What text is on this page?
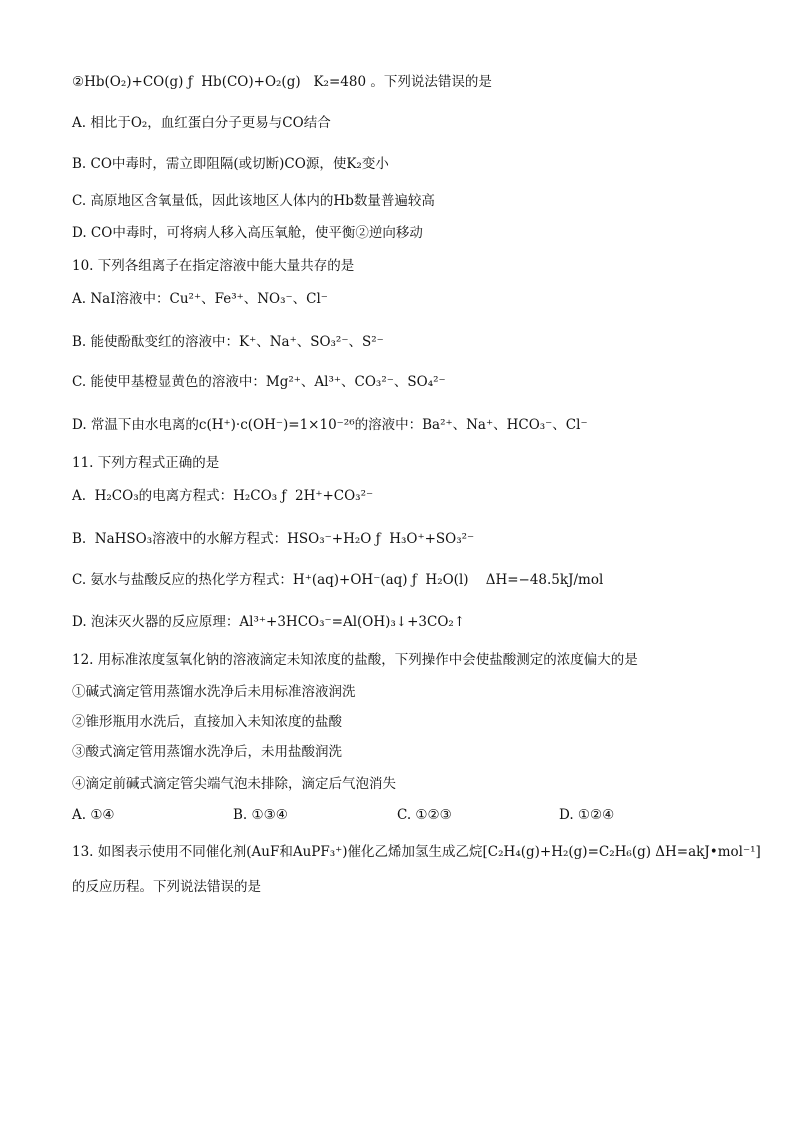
②Hb(O₂)+CO(g) ƒ  Hb(CO)+O₂(g)   K₂=480 。下列说法错误的是
A. 相比于O₂，血红蛋白分子更易与CO结合
B. CO中毒时，需立即阻隔(或切断)CO源，使K₂变小
C. 高原地区含氧量低，因此该地区人体内的Hb数量普遍较高
D. CO中毒时，可将病人移入高压氧舱，使平衡②逆向移动
10. 下列各组离子在指定溶液中能大量共存的是
A. NaI溶液中：Cu²⁺、Fe³⁺、NO₃⁻、Cl⁻
B. 能使酚酞变红的溶液中：K⁺、Na⁺、SO₃²⁻、S²⁻
C. 能使甲基橙显黄色的溶液中：Mg²⁺、Al³⁺、CO₃²⁻、SO₄²⁻
D. 常温下由水电离的c(H⁺)·c(OH⁻)=1×10⁻²⁶的溶液中：Ba²⁺、Na⁺、HCO₃⁻、Cl⁻
11. 下列方程式正确的是
A.  H₂CO₃的电离方程式：H₂CO₃ ƒ  2H⁺+CO₃²⁻
B.  NaHSO₃溶液中的水解方程式：HSO₃⁻+H₂O ƒ  H₃O⁺+SO₃²⁻
C. 氨水与盐酸反应的热化学方程式：H⁺(aq)+OH⁻(aq) ƒ  H₂O(l)    ΔH=−48.5kJ/mol
D. 泡沫灭火器的反应原理：Al³⁺+3HCO₃⁻=Al(OH)₃↓+3CO₂↑
12. 用标准浓度氢氧化钠的溶液滴定未知浓度的盐酸，下列操作中会使盐酸测定的浓度偏大的是
①碱式滴定管用蒸馏水洗净后未用标准溶液润洗
②锥形瓶用水洗后，直接加入未知浓度的盐酸
③酸式滴定管用蒸馏水洗净后，未用盐酸润洗
④滴定前碱式滴定管尖端气泡未排除，滴定后气泡消失
A. ①④	B. ①③④	C. ①②③	D. ①②④
13. 如图表示使用不同催化剂(AuF和AuPF₃⁺)催化乙烯加氢生成乙烷[C₂H₄(g)+H₂(g)=C₂H₆(g) ΔH=akJ•mol⁻¹]
的反应历程。下列说法错误的是
